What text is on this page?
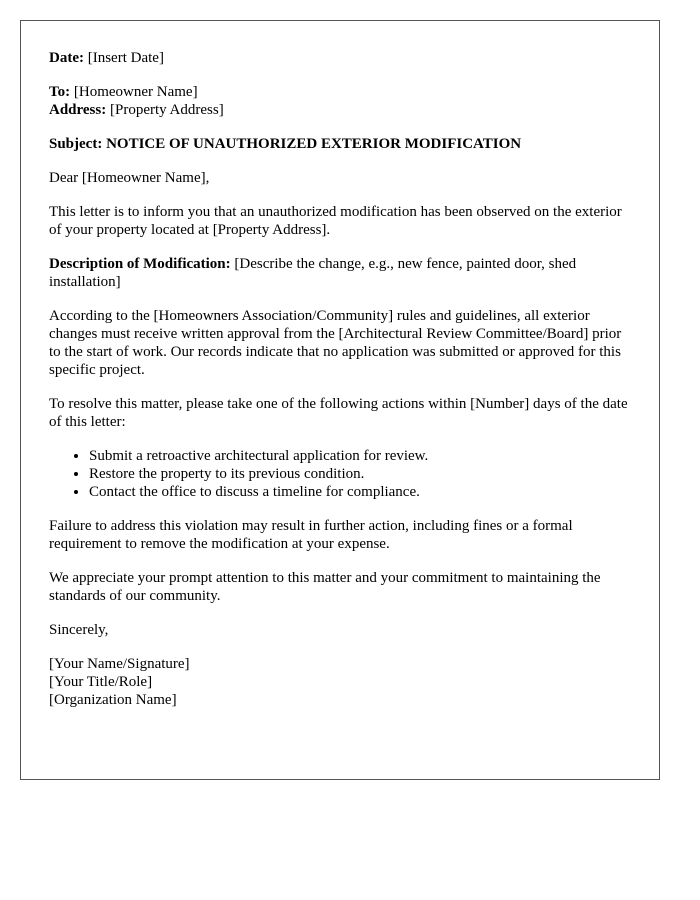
Date: [Insert Date]

To: [Homeowner Name]
Address: [Property Address]

Subject: NOTICE OF UNAUTHORIZED EXTERIOR MODIFICATION

Dear [Homeowner Name],

This letter is to inform you that an unauthorized modification has been observed on the exterior of your property located at [Property Address].

Description of Modification: [Describe the change, e.g., new fence, painted door, shed installation]

According to the [Homeowners Association/Community] rules and guidelines, all exterior changes must receive written approval from the [Architectural Review Committee/Board] prior to the start of work. Our records indicate that no application was submitted or approved for this specific project.

To resolve this matter, please take one of the following actions within [Number] days of the date of this letter:

• Submit a retroactive architectural application for review.
• Restore the property to its previous condition.
• Contact the office to discuss a timeline for compliance.

Failure to address this violation may result in further action, including fines or a formal requirement to remove the modification at your expense.

We appreciate your prompt attention to this matter and your commitment to maintaining the standards of our community.

Sincerely,

[Your Name/Signature]
[Your Title/Role]
[Organization Name]
